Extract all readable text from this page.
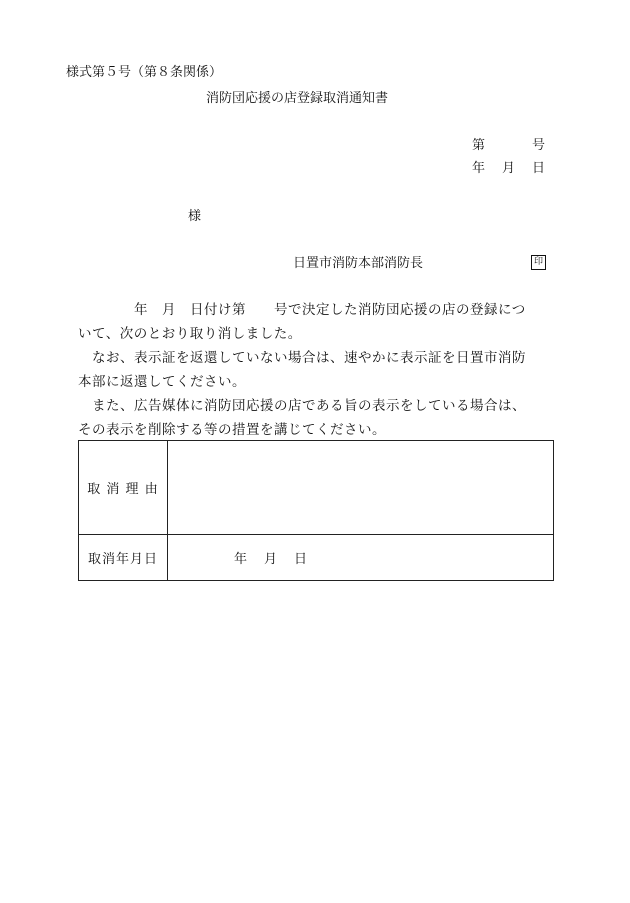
様式第５号（第８条関係）
消防団応援の店登録取消通知書
第	号
年 月 日
様
日置市消防本部消防長	印
　　　　年　月　日付け第　　号で決定した消防団応援の店の登録につ
いて、次のとおり取り消しました。
　なお、表示証を返還していない場合は、速やかに表示証を日置市消防
本部に返還してください。
　また、広告媒体に消防団応援の店である旨の表示をしている場合は、
その表示を削除する等の措置を講じてください。
取 消 理 由	
取消年月日	年 月 日
